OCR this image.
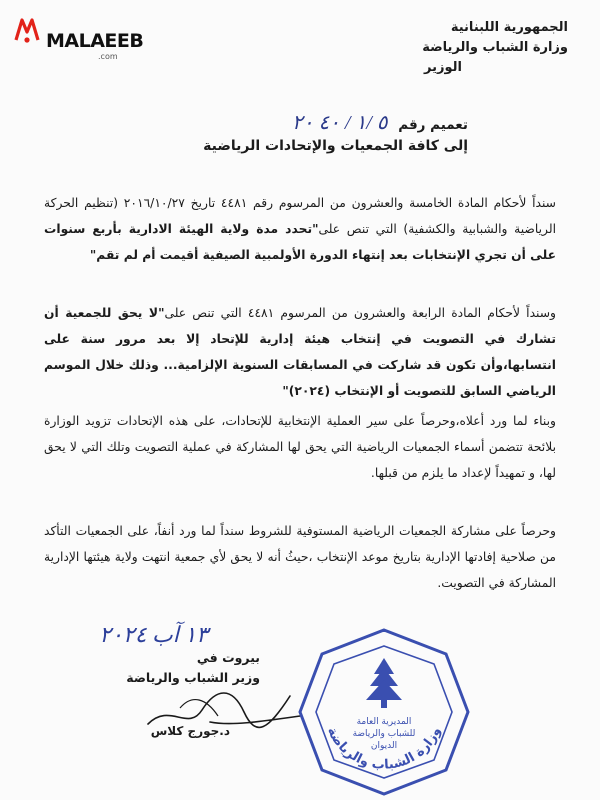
MALAEEB
.com
الجمهورية اللبنانية
وزارة الشباب والرياضة
الوزير
تعميم رقم ٥ /١ / ٤٠ ٢٠
إلى كافة الجمعيات والإتحادات الرياضية
سنداً لأحكام المادة الخامسة والعشرون من المرسوم رقم ٤٤٨١ تاريخ ٢٠١٦/١٠/٢٧ (تنظيم الحركة الرياضية والشبابية والكشفية) التي تنص على"تحدد مدة ولاية الهيئة الادارية بأربع سنوات على أن تجري الإنتخابات بعد إنتهاء الدورة الأولمبية الصيفية أقيمت أم لم تقم"
وسنداً لأحكام المادة الرابعة والعشرون من المرسوم ٤٤٨١ التي تنص على"لا يحق للجمعية أن تشارك في التصويت في إنتخاب هيئة إدارية للإتحاد إلا بعد مرور سنة على انتسابها،وأن تكون قد شاركت في المسابقات السنوية الإلزامية... وذلك خلال الموسم الرياضي السابق للتصويت أو الإنتخاب (٢٠٢٤)"
وبناء لما ورد أعلاه،وحرصاً على سير العملية الإنتخابية للإتحادات، على هذه الإتحادات تزويد الوزارة بلائحة تتضمن أسماء الجمعيات الرياضية التي يحق لها المشاركة في عملية التصويت وتلك التي لا يحق لها، و تمهيداً لإعداد ما يلزم من قبلها.
وحرصاً على مشاركة الجمعيات الرياضية المستوفية للشروط سنداً لما ورد أنفاً، على الجمعيات التأكد من صلاحية إفادتها الإدارية بتاريخ موعد الإنتخاب ،حيثُ أنه لا يحق لأي جمعية انتهت ولاية هيئتها الإدارية المشاركة في التصويت.
١٣ آب ٢٠٢٤
بيروت في
وزير الشباب والرياضة
د.جورج كلاس	وزارة الشباب والرياضة
المديرية العامة
للشباب والرياضة
الديوان
